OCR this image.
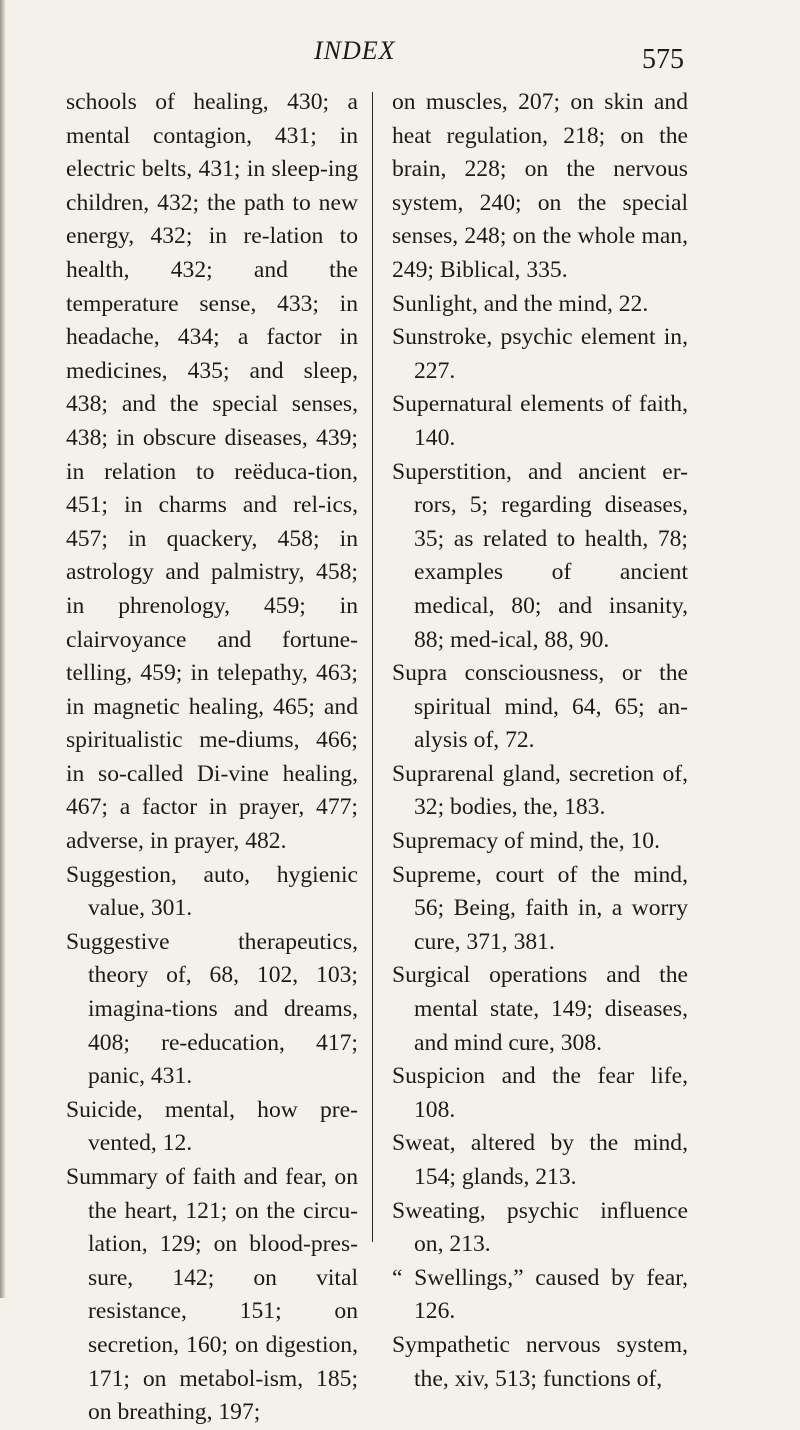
INDEX	575
schools of healing, 430; a mental contagion, 431; in electric belts, 431; in sleep-ing children, 432; the path to new energy, 432; in re-lation to health, 432; and the temperature sense, 433; in headache, 434; a factor in medicines, 435; and sleep, 438; and the special senses, 438; in obscure diseases, 439; in relation to reëduca-tion, 451; in charms and rel-ics, 457; in quackery, 458; in astrology and palmistry, 458; in phrenology, 459; in clairvoyance and fortune-telling, 459; in telepathy, 463; in magnetic healing, 465; and spiritualistic me-diums, 466; in so-called Di-vine healing, 467; a factor in prayer, 477; adverse, in prayer, 482.
Suggestion, auto, hygienic value, 301.
Suggestive therapeutics, theory of, 68, 102, 103; imagina-tions and dreams, 408; re-education, 417; panic, 431.
Suicide, mental, how pre-vented, 12.
Summary of faith and fear, on the heart, 121; on the circu-lation, 129; on blood-pres-sure, 142; on vital resistance, 151; on secretion, 160; on digestion, 171; on metabol-ism, 185; on breathing, 197;
on muscles, 207; on skin and heat regulation, 218; on the brain, 228; on the nervous system, 240; on the special senses, 248; on the whole man, 249; Biblical, 335.
Sunlight, and the mind, 22.
Sunstroke, psychic element in, 227.
Supernatural elements of faith, 140.
Superstition, and ancient er-rors, 5; regarding diseases, 35; as related to health, 78; examples of ancient medical, 80; and insanity, 88; med-ical, 88, 90.
Supra consciousness, or the spiritual mind, 64, 65; an-alysis of, 72.
Suprarenal gland, secretion of, 32; bodies, the, 183.
Supremacy of mind, the, 10.
Supreme, court of the mind, 56; Being, faith in, a worry cure, 371, 381.
Surgical operations and the mental state, 149; diseases, and mind cure, 308.
Suspicion and the fear life, 108.
Sweat, altered by the mind, 154; glands, 213.
Sweating, psychic influence on, 213.
“ Swellings,” caused by fear, 126.
Sympathetic nervous system, the, xiv, 513; functions of,
